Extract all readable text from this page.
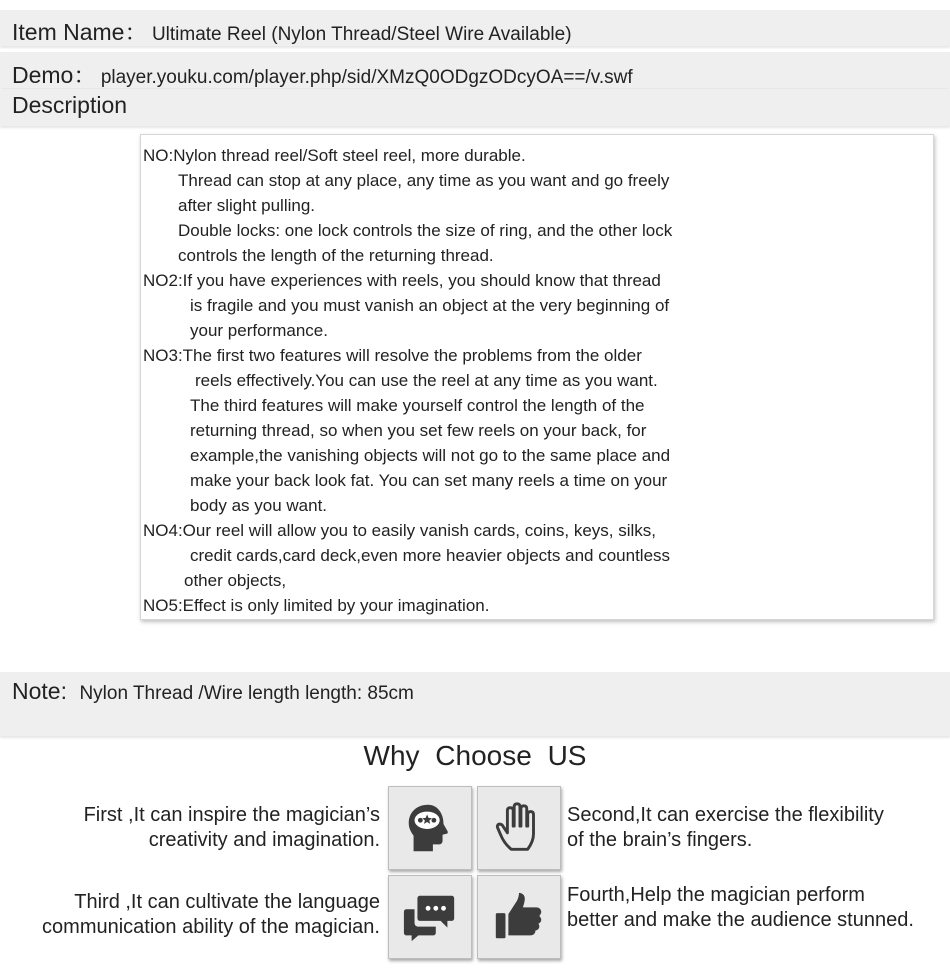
Item Name： Ultimate Reel (Nylon Thread/Steel Wire Available)
Demo： player.youku.com/player.php/sid/XMzQ0ODgzODcyOA==/v.swf
Description
NO:Nylon thread reel/Soft steel reel, more durable.
Thread can stop at any place, any time as you want and go freely
after slight pulling.
Double locks: one lock controls the size of ring, and the other lock
controls the length of the returning thread.
NO2:If you have experiences with reels, you should know that thread
is fragile and you must vanish an object at the very beginning of
your performance.
NO3:The first two features will resolve the problems from the older
reels effectively.You can use the reel at any time as you want.
The third features will make yourself control the length of the
returning thread, so when you set few reels on your back, for
example,the vanishing objects will not go to the same place and
make your back look fat. You can set many reels a time on your
body as you want.
NO4:Our reel will allow you to easily vanish cards, coins, keys, silks,
credit cards,card deck,even more heavier objects and countless
other objects,
NO5:Effect is only limited by your imagination.
Note: Nylon Thread /Wire length length: 85cm
Why Choose US
First ,It can inspire the magician’s
creativity and imagination.
Second,It can exercise the flexibility
of the brain’s fingers.
Third ,It can cultivate the language
communication ability of the magician.
Fourth,Help the magician perform
better and make the audience stunned.
